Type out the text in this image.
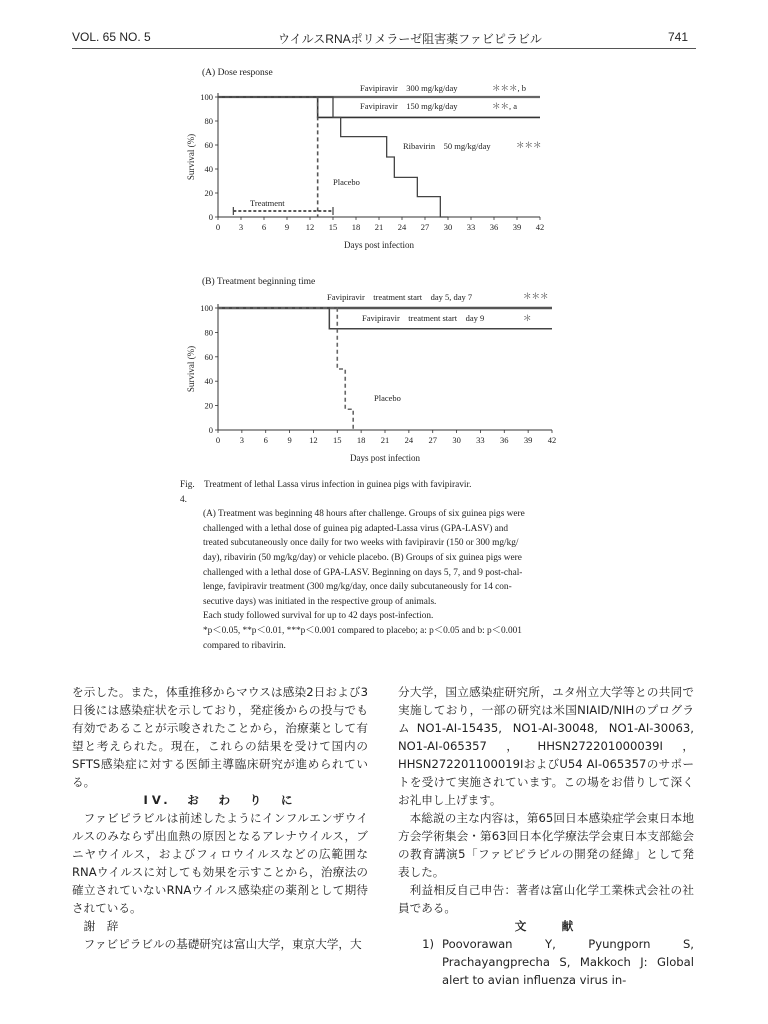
VOL. 65 NO. 5	ウイルスRNAポリメラーゼ阻害薬ファビピラビル	741
(A) Dose response
0 3 6 9 12 15 18 21 24 27 30 33 36 39 42
0
20
40
60
80
100
Days post infection
Survival (%)
Favipiravir　300 mg/kg/day	＊＊＊, b
Favipiravir　150 mg/kg/day	＊＊, a
Ribavirin　50 mg/kg/day	＊＊＊
Placebo
Treatment
(B) Treatment beginning time
0 3 6 9 12 15 18 21 24 27 30 33 36 39 42
0
20
40
60
80
100
Days post infection
Survival (%)
Favipiravir　treatment start　day 5, day 7	＊＊＊
Favipiravir　treatment start　day 9	＊
Placebo
Fig. 4.
Treatment of lethal Lassa virus infection in guinea pigs with favipiravir.

(A) Treatment was beginning 48 hours after challenge. Groups of six guinea pigs were

challenged with a lethal dose of guinea pig adapted-Lassa virus (GPA-LASV) and

treated subcutaneously once daily for two weeks with favipiravir (150 or 300 mg/kg/

day), ribavirin (50 mg/kg/day) or vehicle placebo. (B) Groups of six guinea pigs were

challenged with a lethal dose of GPA-LASV. Beginning on days 5, 7, and 9 post-chal-

lenge, favipiravir treatment (300 mg/kg/day, once daily subcutaneously for 14 con-

secutive days) was initiated in the respective group of animals.

Each study followed survival for up to 42 days post-infection.

*p＜0.05, **p＜0.01, ***p＜0.001 compared to placebo; a: p＜0.05 and b: p＜0.001

compared to ribavirin.

を示した。また，体重推移からマウスは感染2日および3日後には感染症状を示しており，発症後からの投与でも有効であることが示唆されたことから，治療薬として有望と考えられた。現在，これらの結果を受けて国内のSFTS感染症に対する医師主導臨床研究が進められている。

IV.　お　わ　り　に

ファビピラビルは前述したようにインフルエンザウイルスのみならず出血熱の原因となるアレナウイルス，ブニヤウイルス，およびフィロウイルスなどの広範囲なRNAウイルスに対しても効果を示すことから，治療法の確立されていないRNAウイルス感染症の薬剤として期待されている。

謝　辞

ファビピラビルの基礎研究は富山大学，東京大学，大

分大学，国立感染症研究所，ユタ州立大学等との共同で実施しており，一部の研究は米国NIAID/NIHのプログラムNO1-AI-15435, NO1-AI-30048, NO1-AI-30063, NO1-AI-065357，HHSN272201000039I，HHSN272201100019IおよびU54 AI-065357のサポートを受けて実施されています。この場をお借りして深くお礼申し上げます。

本総説の主な内容は，第65回日本感染症学会東日本地方会学術集会・第63回日本化学療法学会東日本支部総会の教育講演5「ファビピラビルの開発の経緯」として発表した。

利益相反自己申告：著者は富山化学工業株式会社の社員である。

文　　献

1) Poovorawan Y, Pyungporn S, Prachayangprecha S, Makkoch J: Global alert to avian influenza virus in-
